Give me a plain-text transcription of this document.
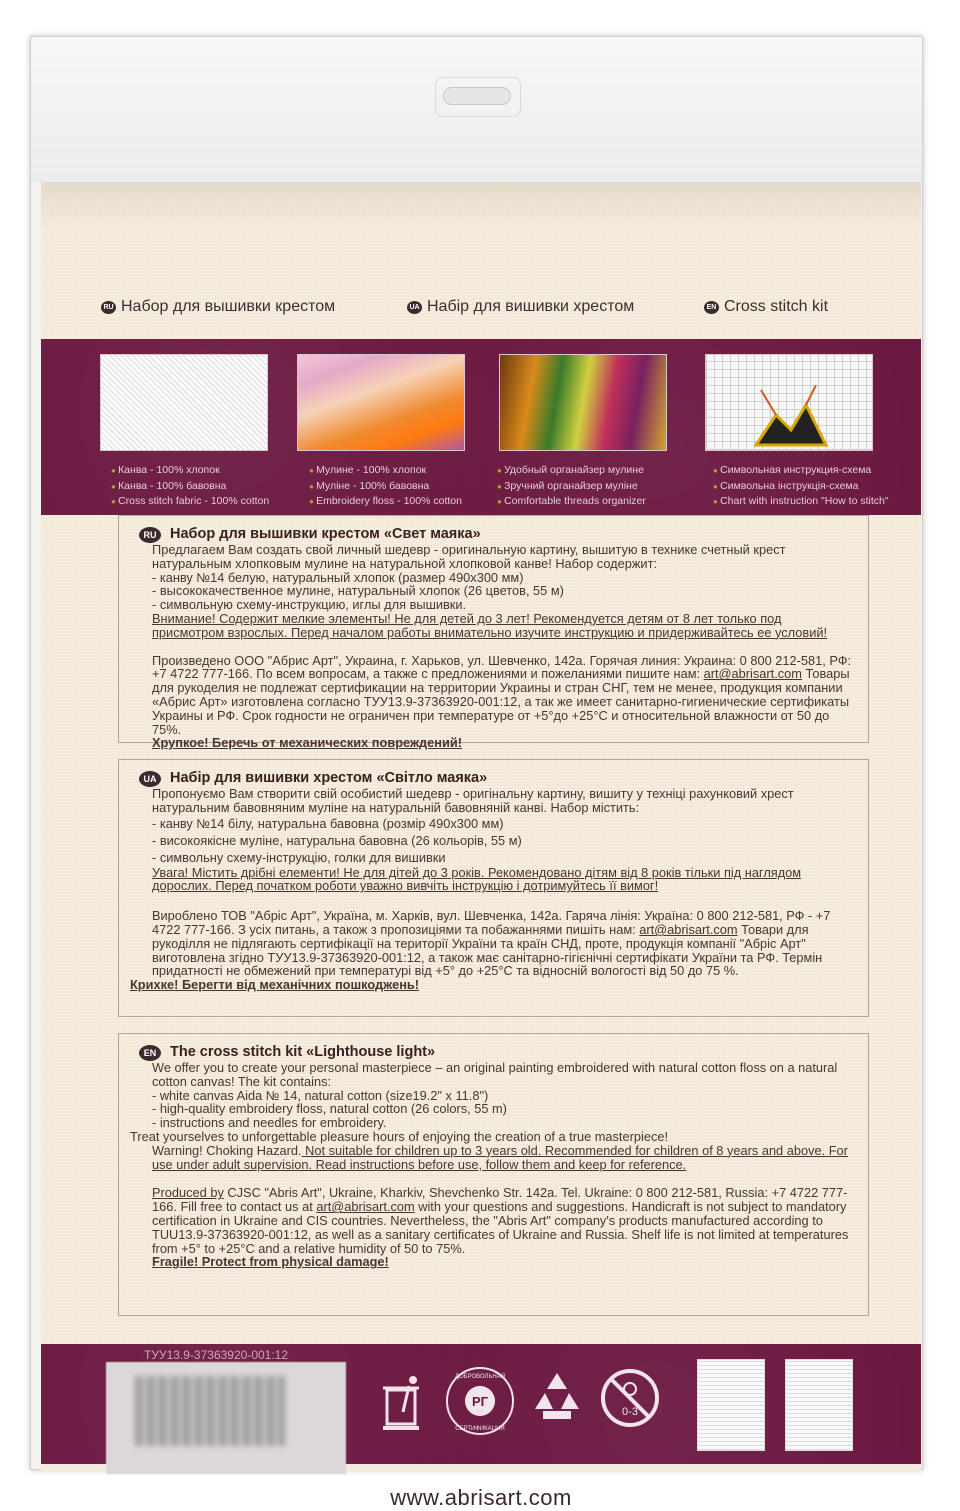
RU Набор для вышивки крестом	UA Набір для вишивки хрестом	EN Cross stitch kit
● Канва - 100% хлопок
● Канва - 100% бавовна
● Cross stitch fabric - 100% cotton
● Мулине - 100% хлопок
● Муліне - 100% бавовна
● Embroidery floss - 100% cotton
● Удобный органайзер мулине
● Зручний органайзер муліне
● Comfortable threads organizer
● Символьная инструкция-схема
● Символьна інструкція-схема
● Chart with instruction "How to stitch"
RU Набор для вышивки крестом «Свет маяка»

Предлагаем Вам создать свой личный шедевр - оригинальную картину, вышитую в технике счетный крест натуральным хлопковым мулине на натуральной хлопковой канве! Набор содержит:

- канву №14 белую, натуральный хлопок (размер 490х300 мм)

- высококачественное мулине, натуральный хлопок (26 цветов, 55 м)

- символьную схему-инструкцию, иглы для вышивки.

Внимание! Содержит мелкие элементы! Не для детей до 3 лет! Рекомендуется детям от 8 лет только под присмотром взрослых. Перед началом работы внимательно изучите инструкцию и придерживайтесь ее условий!

Произведено ООО "Абрис Арт", Украина, г. Харьков, ул. Шевченко, 142а. Горячая линия: Украина: 0 800 212-581, РФ: +7 4722 777-166. По всем вопросам, а также с предложениями и пожеланиями пишите нам: art@abrisart.com Товары для рукоделия не подлежат сертификации на территории Украины и стран СНГ, тем не менее, продукция компании «Абрис Арт» изготовлена согласно ТУУ13.9-37363920-001:12, а так же имеет санитарно-гигиенические сертификаты Украины и РФ. Срок годности не ограничен при температуре от +5°до +25°С и относительной влажности от 50 до 75%.

Хрупкое! Беречь от механических повреждений!

UA Набір для вишивки хрестом «Світло маяка»

Пропонуємо Вам створити свій особистий шедевр - оригінальну картину, вишиту у техніці рахунковий хрест натуральним бавовняним муліне на натуральній бавовняній канві. Набор містить:

- канву №14 білу, натуральна бавовна (розмір 490х300 мм)

- високоякісне муліне, натуральна бавовна (26 кольорів, 55 м)

- символьну схему-інструкцію, голки для вишивки

Увага! Містить дрібні елементи! Не для дітей до 3 років. Рекомендовано дітям від 8 років тільки під наглядом дорослих. Перед початком роботи уважно вивчіть інструкцію і дотримуйтесь її вимог!

Вироблено ТОВ "Абріс Арт", Україна, м. Харків, вул. Шевченка, 142а. Гаряча лінія: Україна: 0 800 212-581, РФ - +7 4722 777-166. З усіх питань, а також з пропозиціями та побажаннями пишіть нам: art@abrisart.com Товари для рукоділля не підлягають сертифікації на території України та країн СНД, проте, продукція компанії "Абріс Арт" виготовлена згідно ТУУ13.9-37363920-001:12, а також має санітарно-гігієнічні сертифікати України та РФ. Термін придатності не обмежений при температурі від +5° до +25°С та відносній вологості від 50 до 75 %.

Крихке! Берегти від механічних пошкоджень!

EN The cross stitch kit «Lighthouse light»

We offer you to create your personal masterpiece – an original painting embroidered with natural cotton floss on a natural cotton canvas! The kit contains:

- white canvas Aida № 14, natural cotton (size19.2" x 11.8")

- high-quality embroidery floss, natural cotton (26 colors, 55 m)

- instructions and needles for embroidery.

Treat yourselves to unforgettable pleasure hours of enjoying the creation of a true masterpiece!

Warning! Choking Hazard. Not suitable for children up to 3 years old. Recommended for children of 8 years and above. For use under adult supervision. Read instructions before use, follow them and keep for reference.

Produced by CJSC "Abris Art", Ukraine, Kharkiv, Shevchenko Str. 142a. Tel. Ukraine: 0 800 212-581, Russia: +7 4722 777-166. Fill free to contact us at art@abrisart.com with your questions and suggestions. Handicraft is not subject to mandatory certification in Ukraine and CIS countries. Nevertheless, the "Abris Art" company's products manufactured according to TUU13.9-37363920-001:12, as well as a sanitary certificates of Ukraine and Russia. Shelf life is not limited at temperatures from +5° to +25°C and a relative humidity of 50 to 75%.

Fragile! Protect from physical damage!

ТУУ13.9-37363920-001:12
РГ
ДОБРОВОЛЬНАЯ
СЕРТИФИКАЦИЯ
0-3
www.abrisart.com
